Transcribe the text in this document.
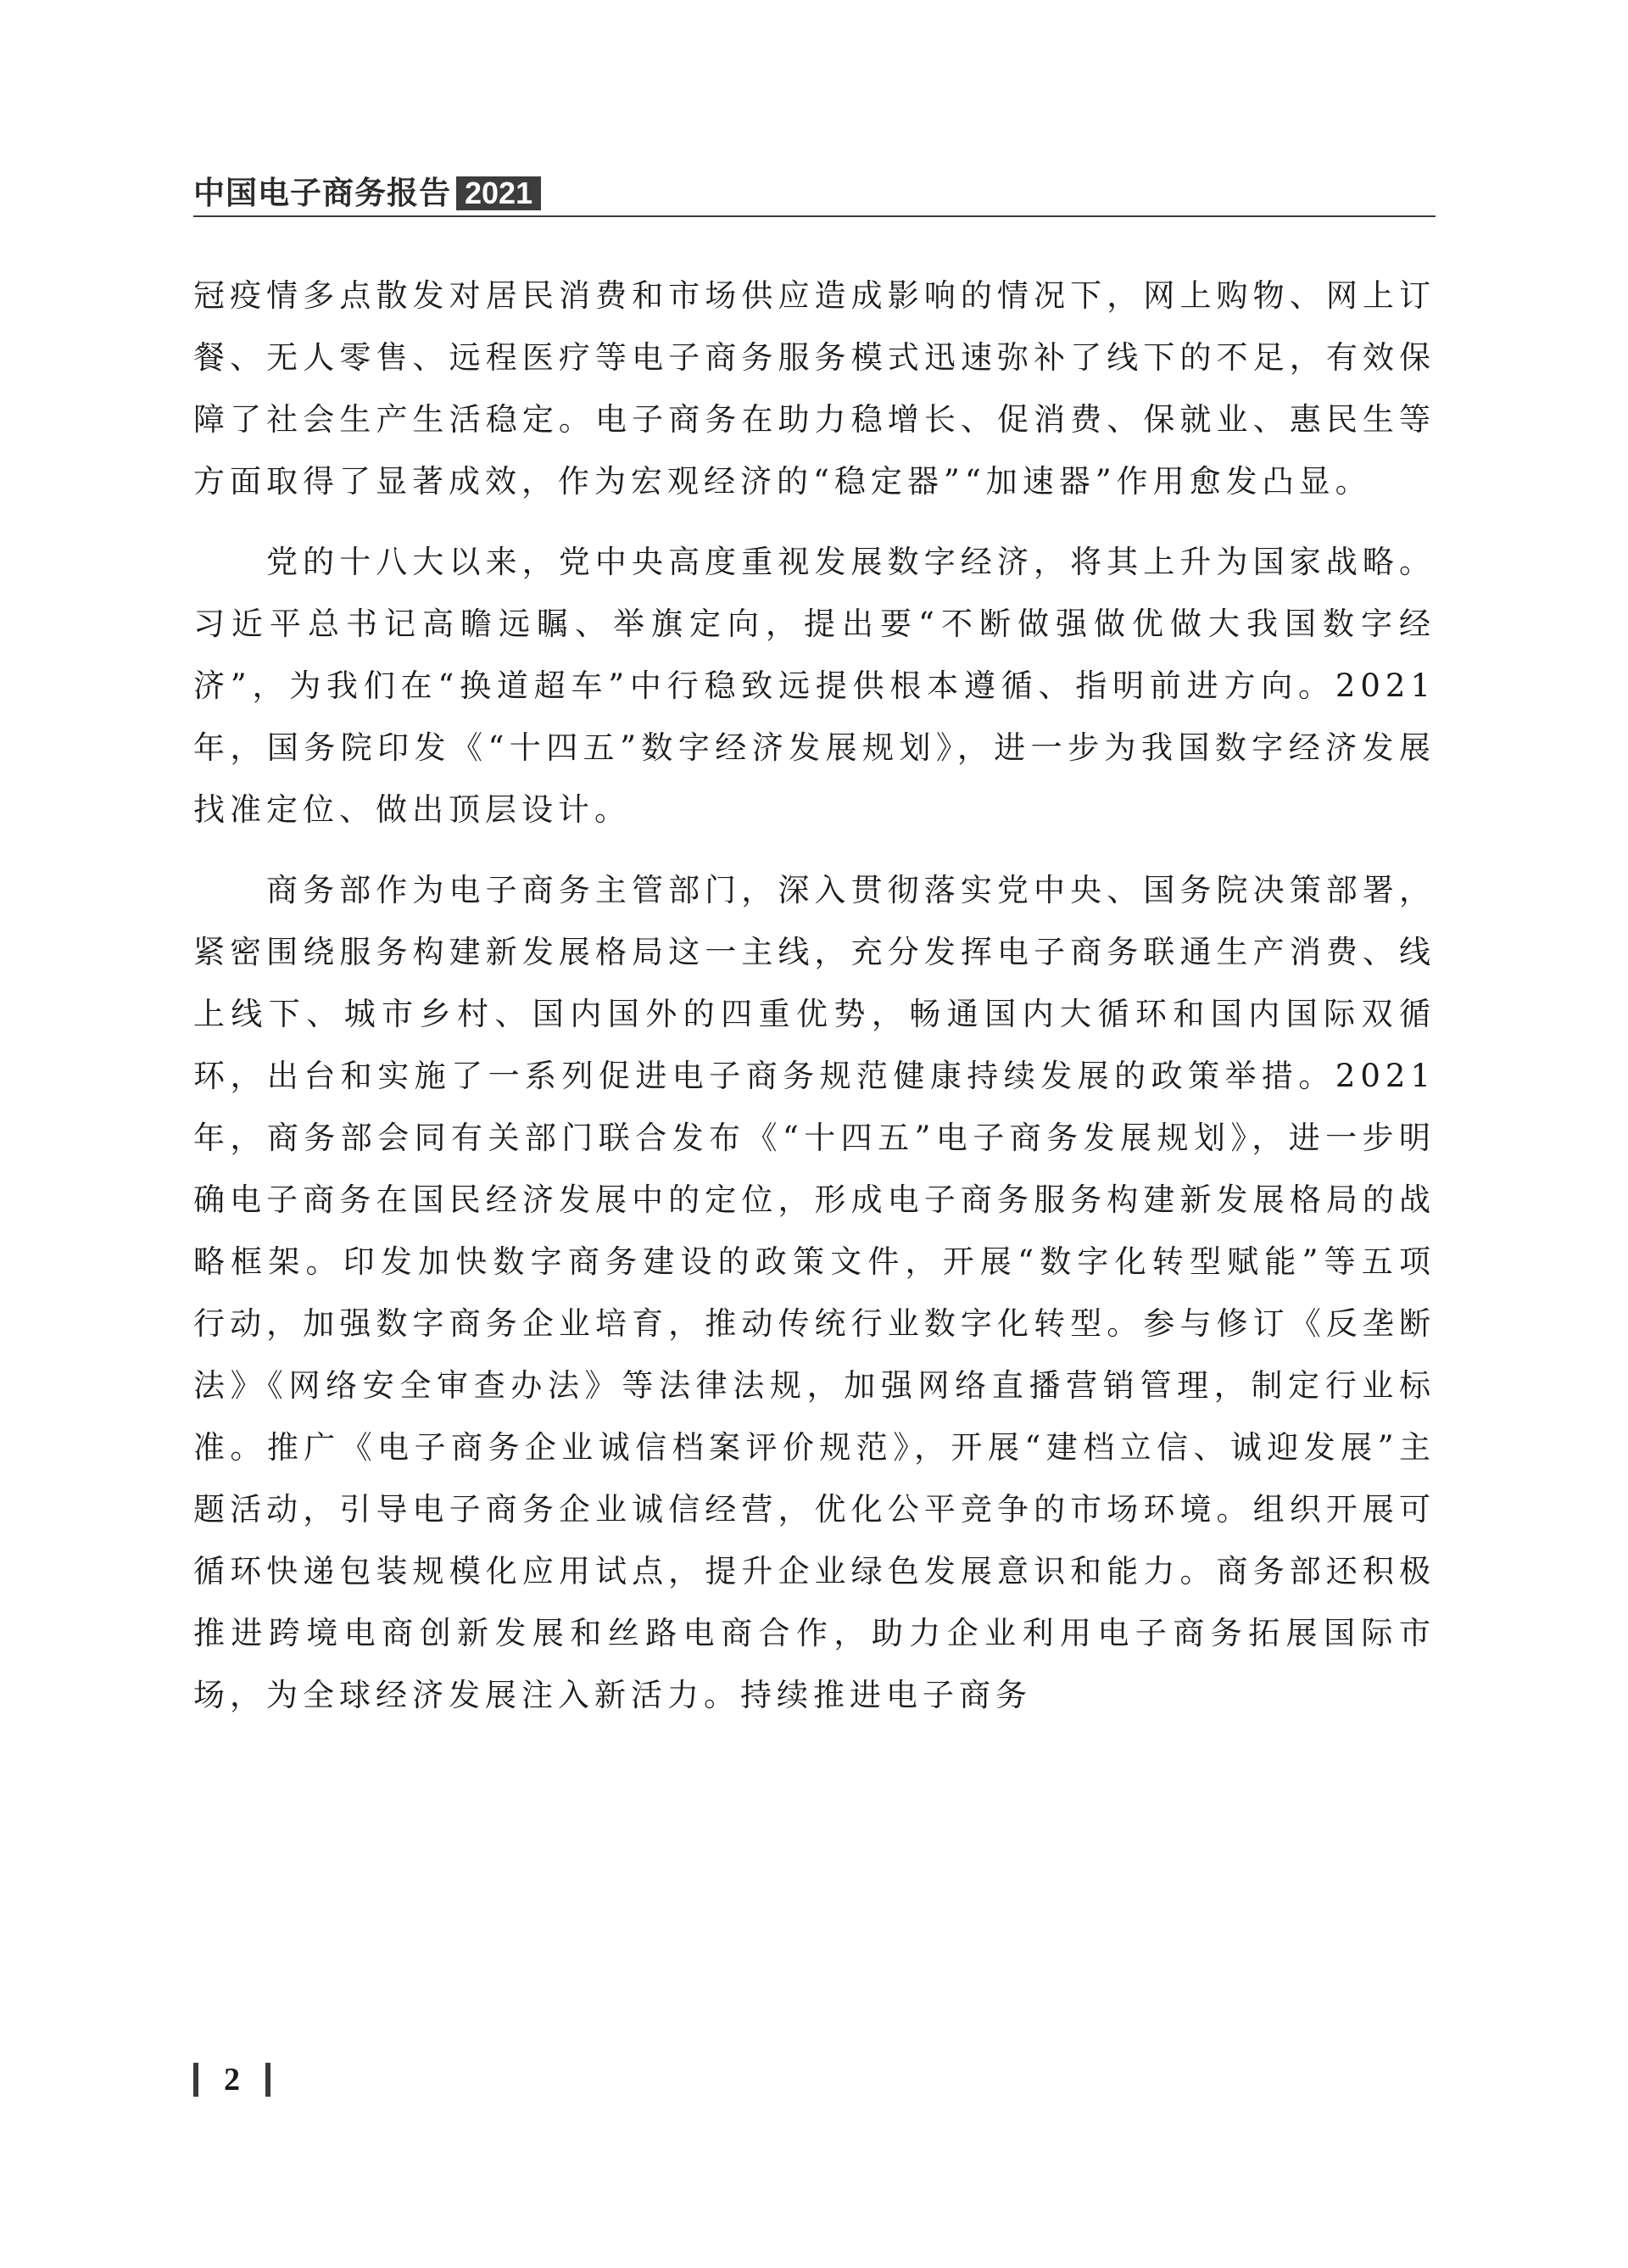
中国电子商务报告 2021

冠疫情多点散发对居民消费和市场供应造成影响的情况下，网上购物、网上订餐、无人零售、远程医疗等电子商务服务模式迅速弥补了线下的不足，有效保障了社会生产生活稳定。电子商务在助力稳增长、促消费、保就业、惠民生等方面取得了显著成效，作为宏观经济的“稳定器”“加速器”作用愈发凸显。

党的十八大以来，党中央高度重视发展数字经济，将其上升为国家战略。习近平总书记高瞻远瞩、举旗定向，提出要“不断做强做优做大我国数字经济”，为我们在“换道超车”中行稳致远提供根本遵循、指明前进方向。2021 年，国务院印发《“十四五”数字经济发展规划》，进一步为我国数字经济发展找准定位、做出顶层设计。

商务部作为电子商务主管部门，深入贯彻落实党中央、国务院决策部署，紧密围绕服务构建新发展格局这一主线，充分发挥电子商务联通生产消费、线上线下、城市乡村、国内国外的四重优势，畅通国内大循环和国内国际双循环，出台和实施了一系列促进电子商务规范健康持续发展的政策举措。2021 年，商务部会同有关部门联合发布《“十四五”电子商务发展规划》，进一步明确电子商务在国民经济发展中的定位，形成电子商务服务构建新发展格局的战略框架。印发加快数字商务建设的政策文件，开展“数字化转型赋能”等五项行动，加强数字商务企业培育，推动传统行业数字化转型。参与修订《反垄断法》《网络安全审查办法》等法律法规，加强网络直播营销管理，制定行业标准。推广《电子商务企业诚信档案评价规范》，开展“建档立信、诚迎发展”主题活动，引导电子商务企业诚信经营，优化公平竞争的市场环境。组织开展可循环快递包装规模化应用试点，提升企业绿色发展意识和能力。商务部还积极推进跨境电商创新发展和丝路电商合作，助力企业利用电子商务拓展国际市场，为全球经济发展注入新活力。持续推进电子商务

2
